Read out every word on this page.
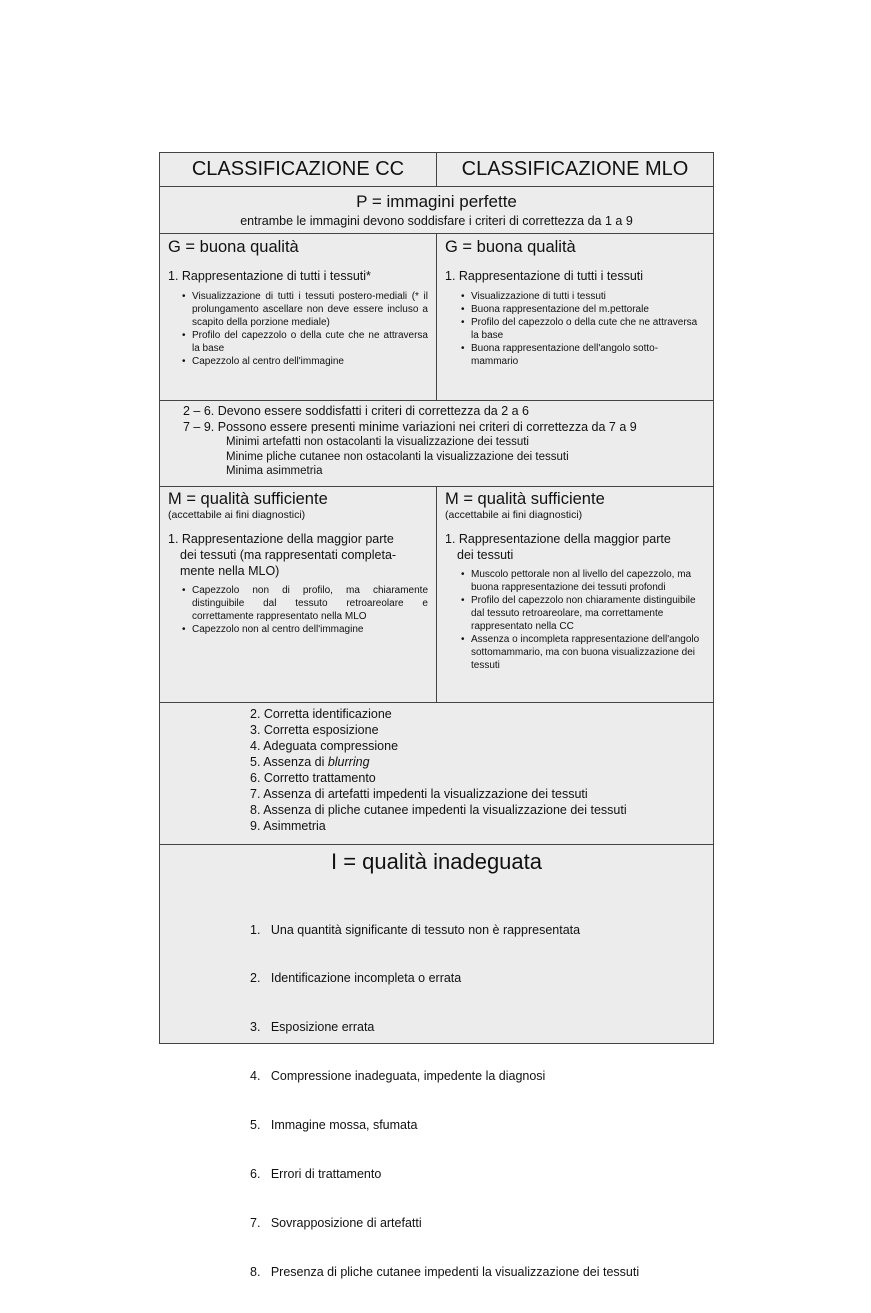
CLASSIFICAZIONE CC	CLASSIFICAZIONE MLO
P = immagini perfette
entrambe le immagini devono soddisfare i criteri di correttezza da 1 a 9
G = buona qualità
1. Rappresentazione di tutti i tessuti*
• Visualizzazione di tutti i tessuti postero-mediali (* il prolungamento ascellare non deve essere incluso a scapito della porzione mediale)
• Profilo del capezzolo o della cute che ne attraversa la base
• Capezzolo al centro dell'immagine
G = buona qualità
1. Rappresentazione di tutti i tessuti
• Visualizzazione di tutti i tessuti
• Buona rappresentazione del m.pettorale
• Profilo del capezzolo o della cute che ne attraversa la base
• Buona rappresentazione dell'angolo sotto-mammario
2 – 6. Devono essere soddisfatti i criteri di correttezza da 2 a 6
7 – 9. Possono essere presenti minime variazioni nei criteri di correttezza da 7 a 9
Minimi artefatti non ostacolanti la visualizzazione dei tessuti
Minime pliche cutanee non ostacolanti la visualizzazione dei tessuti
Minima asimmetria
M = qualità sufficiente
(accettabile ai fini diagnostici)
1. Rappresentazione della maggior parte
dei tessuti (ma rappresentati completa-
mente nella MLO)
• Capezzolo non di profilo, ma chiaramente distinguibile dal tessuto retroareolare e correttamente rappresentato nella MLO
• Capezzolo non al centro dell'immagine
M = qualità sufficiente
(accettabile ai fini diagnostici)
1. Rappresentazione della maggior parte
dei tessuti
• Muscolo pettorale non al livello del capezzolo, ma buona rappresentazione dei tessuti profondi
• Profilo del capezzolo non chiaramente distinguibile dal tessuto retroareolare, ma correttamente rappresentato nella CC
• Assenza o incompleta rappresentazione dell'angolo sottomammario, ma con buona visualizzazione dei tessuti
2. Corretta identificazione
3. Corretta esposizione
4. Adeguata compressione
5. Assenza di blurring
6. Corretto trattamento
7. Assenza di artefatti impedenti la visualizzazione dei tessuti
8. Assenza di pliche cutanee impedenti la visualizzazione dei tessuti
9. Asimmetria
I = qualità inadeguata

1.   Una quantità significante di tessuto non è rappresentata

2.   Identificazione incompleta o errata

3.   Esposizione errata

4.   Compressione inadeguata, impedente la diagnosi

5.   Immagine mossa, sfumata

6.   Errori di trattamento

7.   Sovrapposizione di artefatti

8.   Presenza di pliche cutanee impedenti la visualizzazione dei tessuti
